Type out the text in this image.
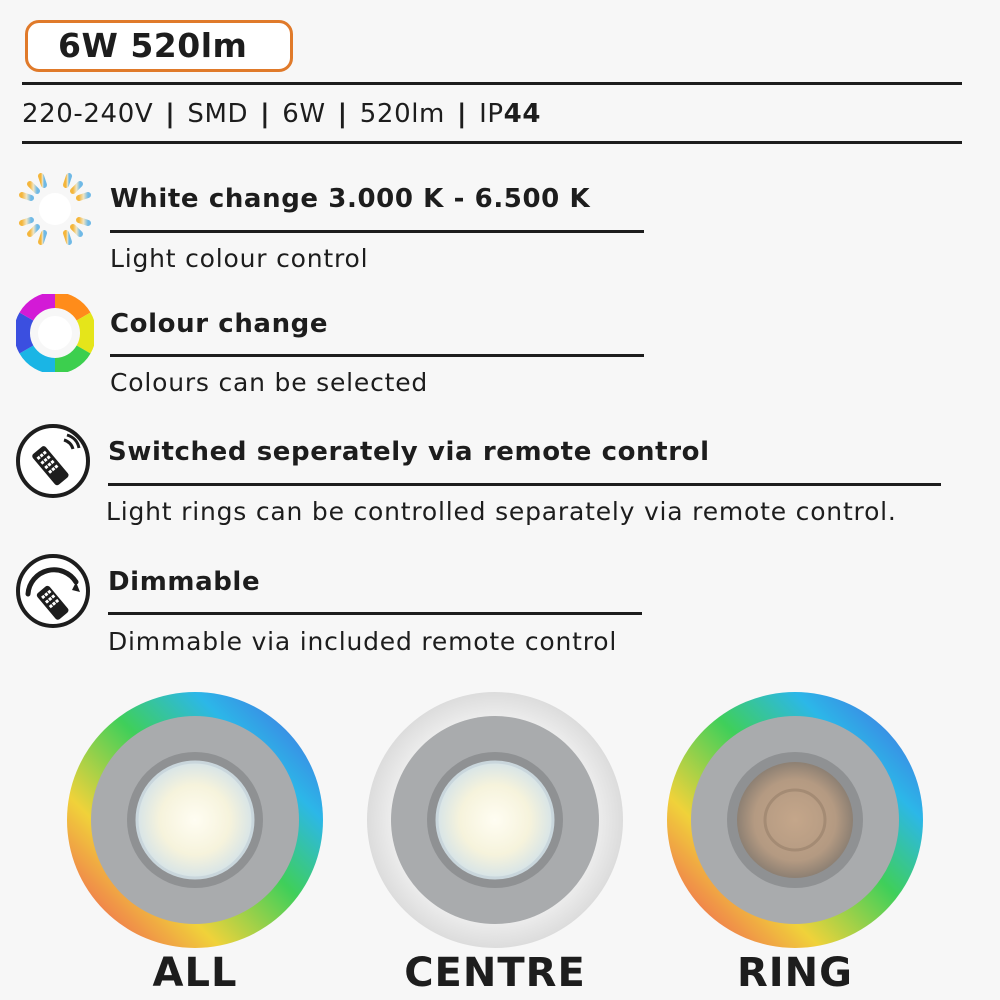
6W 520lm
220-240V | SMD | 6W | 520lm | IP44
White change 3.000 K - 6.500 K
Light colour control
Colour change
Colours can be selected
Switched seperately via remote control
Light rings can be controlled separately via remote control.
Dimmable
Dimmable via included remote control
ALL	CENTRE	RING
